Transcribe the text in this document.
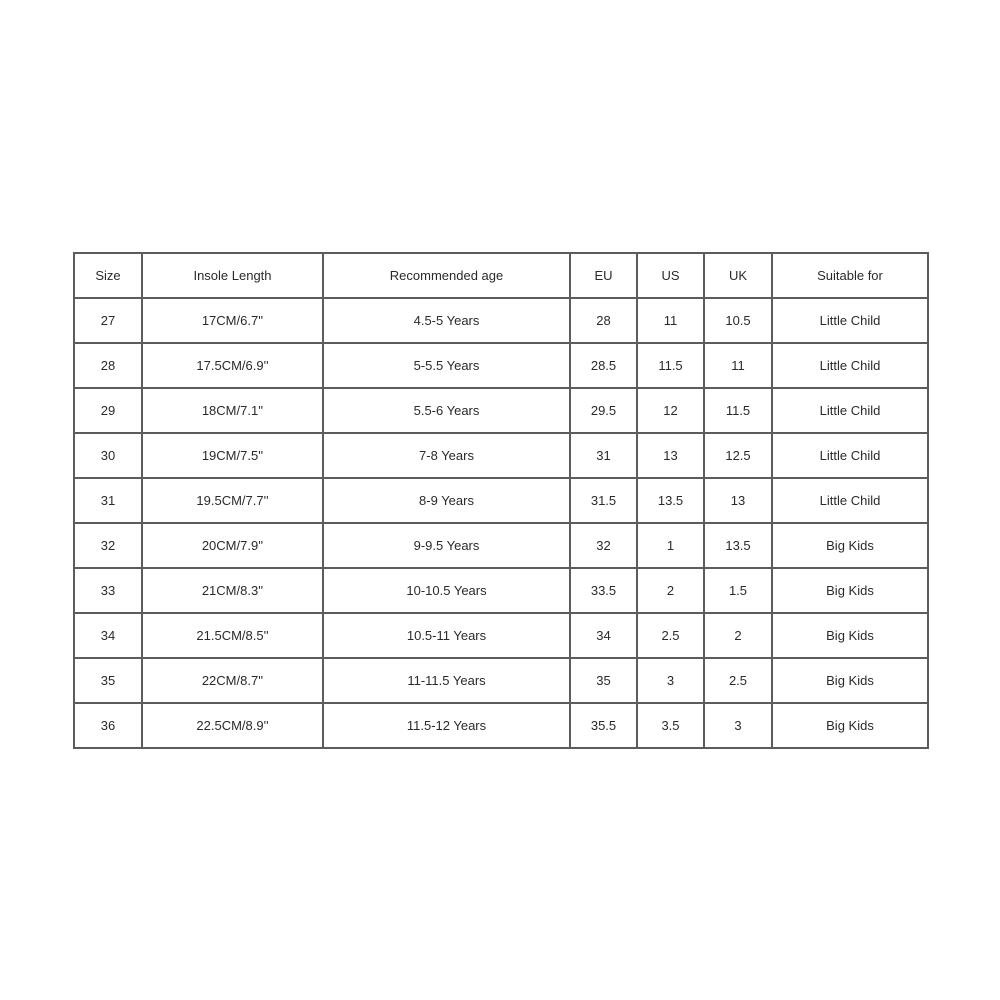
Size	Insole Length	Recommended age	EU	US	UK	Suitable for
27	17CM/6.7''	4.5-5 Years	28	11	10.5	Little Child
28	17.5CM/6.9''	5-5.5 Years	28.5	11.5	11	Little Child
29	18CM/7.1''	5.5-6 Years	29.5	12	11.5	Little Child
30	19CM/7.5''	7-8 Years	31	13	12.5	Little Child
31	19.5CM/7.7''	8-9 Years	31.5	13.5	13	Little Child
32	20CM/7.9''	9-9.5 Years	32	1	13.5	Big Kids
33	21CM/8.3''	10-10.5 Years	33.5	2	1.5	Big Kids
34	21.5CM/8.5''	10.5-11 Years	34	2.5	2	Big Kids
35	22CM/8.7''	11-11.5 Years	35	3	2.5	Big Kids
36	22.5CM/8.9''	11.5-12 Years	35.5	3.5	3	Big Kids
